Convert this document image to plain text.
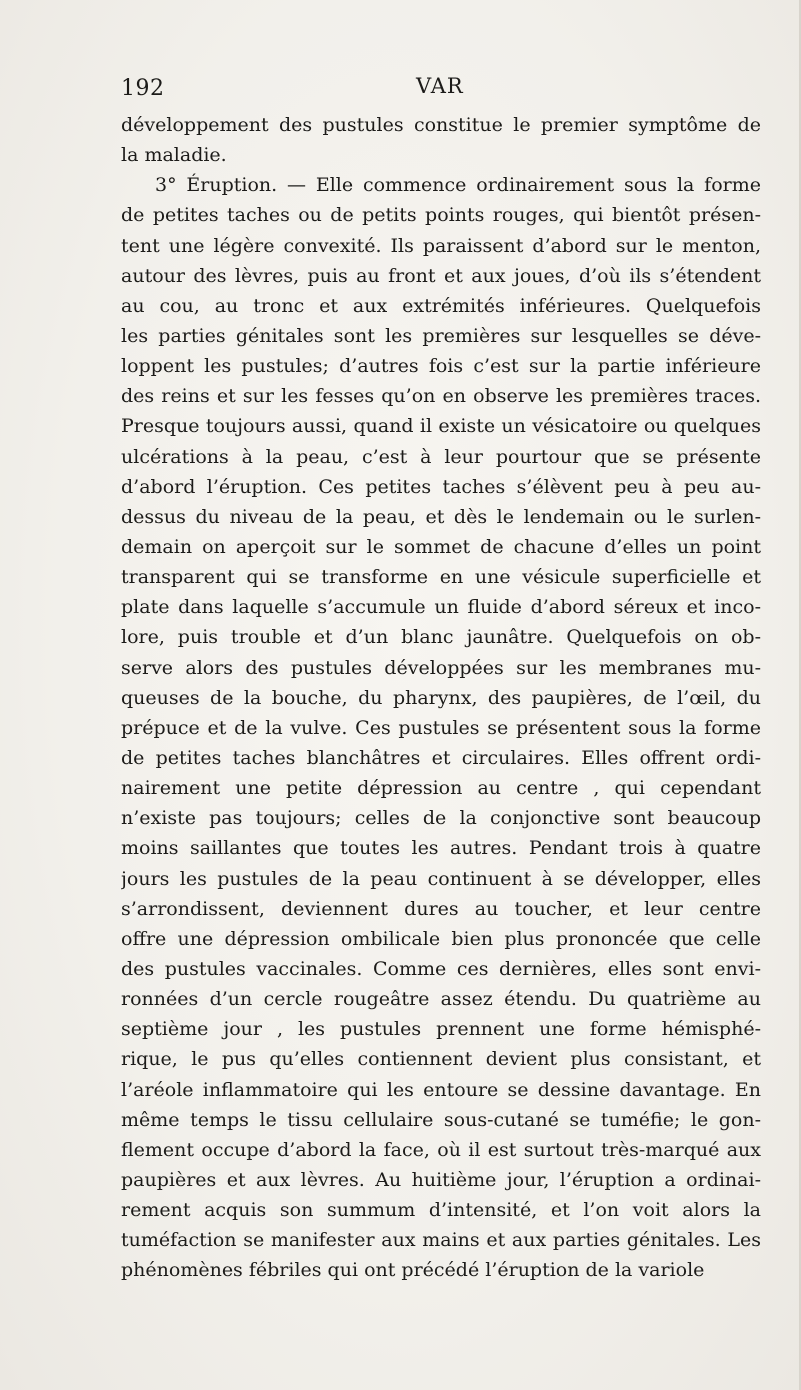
192	VAR
développement des pustules constitue le premier symptôme de
la maladie.
3° Éruption. — Elle commence ordinairement sous la forme
de petites taches ou de petits points rouges, qui bientôt présen-
tent une légère convexité. Ils paraissent d’abord sur le menton,
autour des lèvres, puis au front et aux joues, d’où ils s’étendent
au cou, au tronc et aux extrémités inférieures. Quelquefois
les parties génitales sont les premières sur lesquelles se déve-
loppent les pustules; d’autres fois c’est sur la partie inférieure
des reins et sur les fesses qu’on en observe les premières traces.
Presque toujours aussi, quand il existe un vésicatoire ou quelques
ulcérations à la peau, c’est à leur pourtour que se présente
d’abord l’éruption. Ces petites taches s’élèvent peu à peu au-
dessus du niveau de la peau, et dès le lendemain ou le surlen-
demain on aperçoit sur le sommet de chacune d’elles un point
transparent qui se transforme en une vésicule superficielle et
plate dans laquelle s’accumule un fluide d’abord séreux et inco-
lore, puis trouble et d’un blanc jaunâtre. Quelquefois on ob-
serve alors des pustules développées sur les membranes mu-
queuses de la bouche, du pharynx, des paupières, de l’œil, du
prépuce et de la vulve. Ces pustules se présentent sous la forme
de petites taches blanchâtres et circulaires. Elles offrent ordi-
nairement une petite dépression au centre , qui cependant
n’existe pas toujours; celles de la conjonctive sont beaucoup
moins saillantes que toutes les autres. Pendant trois à quatre
jours les pustules de la peau continuent à se développer, elles
s’arrondissent, deviennent dures au toucher, et leur centre
offre une dépression ombilicale bien plus prononcée que celle
des pustules vaccinales. Comme ces dernières, elles sont envi-
ronnées d’un cercle rougeâtre assez étendu. Du quatrième au
septième jour , les pustules prennent une forme hémisphé-
rique, le pus qu’elles contiennent devient plus consistant, et
l’aréole inflammatoire qui les entoure se dessine davantage. En
même temps le tissu cellulaire sous-cutané se tuméfie; le gon-
flement occupe d’abord la face, où il est surtout très-marqué aux
paupières et aux lèvres. Au huitième jour, l’éruption a ordinai-
rement acquis son summum d’intensité, et l’on voit alors la
tuméfaction se manifester aux mains et aux parties génitales. Les
phénomènes fébriles qui ont précédé l’éruption de la variole
